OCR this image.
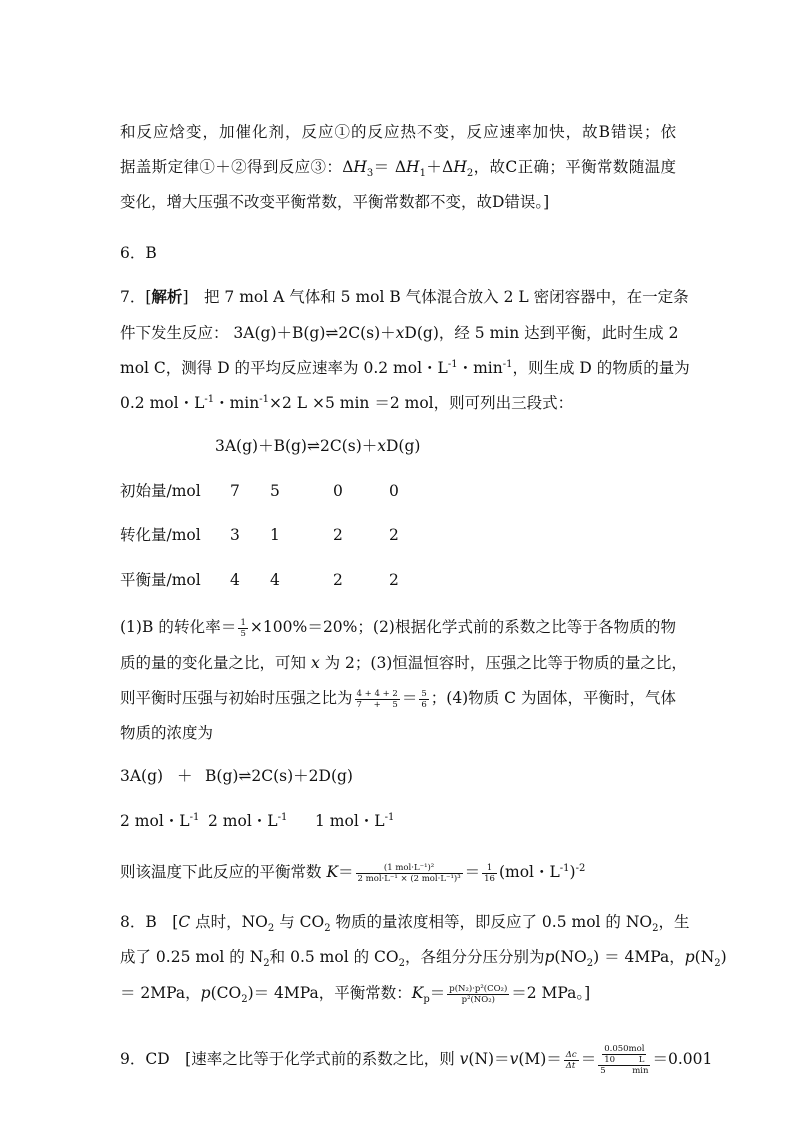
和反应焓变，加催化剂，反应①的反应热不变，反应速率加快，故B错误；依
据盖斯定律①＋②得到反应③：$\Delta H_3= \Delta H_1+\Delta H_2$，故C正确；平衡常数随温度
变化，增大压强不改变平衡常数，平衡常数都不变，故D错误。]
6．B
7．[解析]　把 7 mol A 气体和 5 mol B 气体混合放入 2 L 密闭容器中，在一定条
件下发生反应： 3A(g)＋B(g)⇌2C(s)＋xD(g)，经 5 min 达到平衡，此时生成 2
mol C，测得 D 的平均反应速率为 0.2 mol・$L^{-1}$・$\min^{-1}$，则生成 D 的物质的量为
0.2 mol・$L^{-1}$・$\min^{-1}\times 2$ L ×5 min ＝2 mol，则可列出三段式：
3A(g)＋B(g)⇌2C(s)＋xD(g)
初始量/mol 7 5	0	0
转化量/mol 3 1	2	2
平衡量/mol 4 4	2	2
(1)B 的转化率＝ $\frac{1}{5} \times 100\%=20\%$；(2)根据化学式前的系数之比等于各物质的物
质的量的变化量之比，可知 x 为 2；(3)恒温恒容时，压强之比等于物质的量之比，
则平衡时压强与初始时压强之比为 $\frac{4 + 4 + 2}{7 + 5} = \frac{5}{6}$ ；(4)物质 C 为固体，平衡时，气体
物质的浓度为
3A(g) ＋ B(g)⇌2C(s)＋2D(g)
2 mol・$L^{-1}$ 2 mol・$L^{-1}$ 1 mol・$L^{-1}$
则该温度下此反应的平衡常数 $K= \frac{\text{(1 mol·L⁻¹)²}}{\text{2 mol·L⁻¹ × (2 mol·L⁻¹)³}} = \frac{1}{16} (mol$・$L^{-1})^{-2}$
8．B　[C 点时，$NO_2$ 与 $CO_2$ 物质的量浓度相等，即反应了 0.5 mol 的 $NO_2$，生
成了 0.25 mol 的 $N_2$和 0.5 mol 的 $CO_2$，各组分分压分别为$p(NO_2) = 4MPa$，$p(N_2)$
＝ 2MPa，$p(CO_2)= 4MPa$，平衡常数：$K_p= \frac{\text{p(N₂)·p²(CO₂)}}{\text{p²(NO₂)}} =2$ MPa。]
9．CD　[速率之比等于化学式前的系数之比，则 $v(N)=v(M)= \frac{\Delta c}{\Delta t} = \frac{\frac{\text{0.050mol}}{10 L}}{5 \min} =0.001$
